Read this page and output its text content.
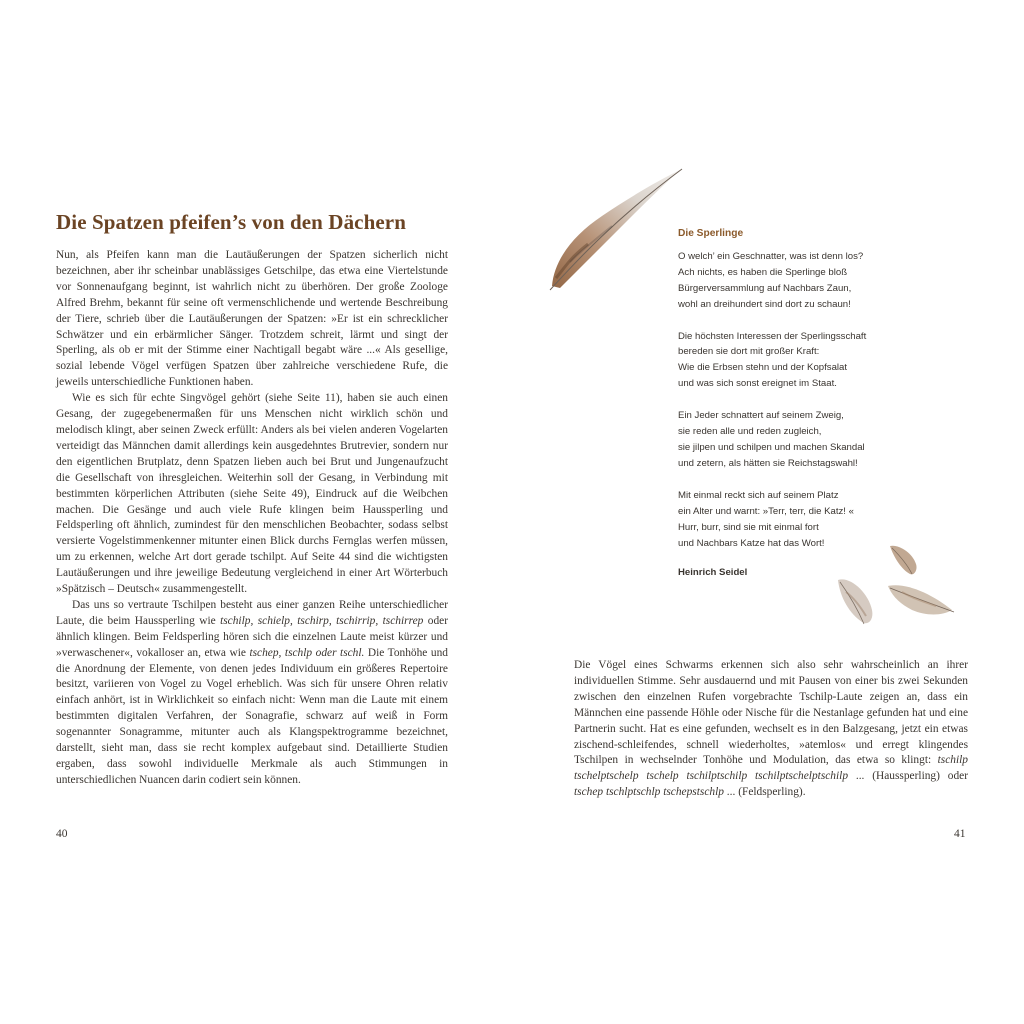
Die Spatzen pfeifen’s von den Dächern

Nun, als Pfeifen kann man die Lautäußerungen der Spatzen sicherlich nicht bezeichnen, aber ihr scheinbar unablässiges Getschilpe, das etwa eine Viertelstunde vor Sonnenaufgang beginnt, ist wahrlich nicht zu überhören. Der große Zoologe Alfred Brehm, bekannt für seine oft vermenschlichende und wertende Beschreibung der Tiere, schrieb über die Lautäußerungen der Spatzen: »Er ist ein schrecklicher Schwätzer und ein erbärmlicher Sänger. Trotzdem schreit, lärmt und singt der Sperling, als ob er mit der Stimme einer Nachtigall begabt wäre ...« Als gesellige, sozial lebende Vögel verfügen Spatzen über zahlreiche verschiedene Rufe, die jeweils unterschiedliche Funktionen haben.

Wie es sich für echte Singvögel gehört (siehe Seite 11), haben sie auch einen Gesang, der zugegebenermaßen für uns Menschen nicht wirklich schön und melodisch klingt, aber seinen Zweck erfüllt: Anders als bei vielen anderen Vogelarten verteidigt das Männchen damit allerdings kein ausgedehntes Brutrevier, sondern nur den eigentlichen Brutplatz, denn Spatzen lieben auch bei Brut und Jungenaufzucht die Gesellschaft von ihresgleichen. Weiterhin soll der Gesang, in Verbindung mit bestimmten körperlichen Attributen (siehe Seite 49), Eindruck auf die Weibchen machen. Die Gesänge und auch viele Rufe klingen beim Haussperling und Feldsperling oft ähnlich, zumindest für den menschlichen Beobachter, sodass selbst versierte Vogelstimmenkenner mitunter einen Blick durchs Fernglas werfen müssen, um zu erkennen, welche Art dort gerade tschilpt. Auf Seite 44 sind die wichtigsten Lautäußerungen und ihre jeweilige Bedeutung vergleichend in einer Art Wörterbuch »Spätzisch – Deutsch« zusammengestellt.

Das uns so vertraute Tschilpen besteht aus einer ganzen Reihe unterschiedlicher Laute, die beim Haussperling wie tschilp, schielp, tschirp, tschirrip, tschirrep oder ähnlich klingen. Beim Feldsperling hören sich die einzelnen Laute meist kürzer und »verwaschener«, vokalloser an, etwa wie tschep, tschlp oder tschl. Die Tonhöhe und die Anordnung der Elemente, von denen jedes Individuum ein größeres Repertoire besitzt, variieren von Vogel zu Vogel erheblich. Was sich für unsere Ohren relativ einfach anhört, ist in Wirklichkeit so einfach nicht: Wenn man die Laute mit einem bestimmten digitalen Verfahren, der Sonagrafie, schwarz auf weiß in Form sogenannter Sonagramme, mitunter auch als Klangspektrogramme bezeichnet, darstellt, sieht man, dass sie recht komplex aufgebaut sind. Detaillierte Studien ergaben, dass sowohl individuelle Merkmale als auch Stimmungen in unterschiedlichen Nuancen darin codiert sein können.

40
Die Sperlinge
O welch’ ein Geschnatter, was ist denn los?
Ach nichts, es haben die Sperlinge bloß
Bürgerversammlung auf Nachbars Zaun,
wohl an dreihundert sind dort zu schaun!
Die höchsten Interessen der Sperlingsschaft
bereden sie dort mit großer Kraft:
Wie die Erbsen stehn und der Kopfsalat
und was sich sonst ereignet im Staat.
Ein Jeder schnattert auf seinem Zweig,
sie reden alle und reden zugleich,
sie jilpen und schilpen und machen Skandal
und zetern, als hätten sie Reichstagswahl!
Mit einmal reckt sich auf seinem Platz
ein Alter und warnt: »Terr, terr, die Katz! «
Hurr, burr, sind sie mit einmal fort
und Nachbars Katze hat das Wort!
Heinrich Seidel

Die Vögel eines Schwarms erkennen sich also sehr wahrscheinlich an ihrer individuellen Stimme. Sehr ausdauernd und mit Pausen von einer bis zwei Sekunden zwischen den einzelnen Rufen vorgebrachte Tschilp-Laute zeigen an, dass ein Männchen eine passende Höhle oder Nische für die Nestanlage gefunden hat und eine Partnerin sucht. Hat es eine gefunden, wechselt es in den Balzgesang, jetzt ein etwas zischend-schleifendes, schnell wiederholtes, »atemlos« und erregt klingendes Tschilpen in wechselnder Tonhöhe und Modulation, das etwa so klingt: tschilp tschelptschelp tschelp tschilptschilp tschilptschelptschilp ... (Haussperling) oder tschep tschlptschlp tschepstschlp ... (Feldsperling).

41
